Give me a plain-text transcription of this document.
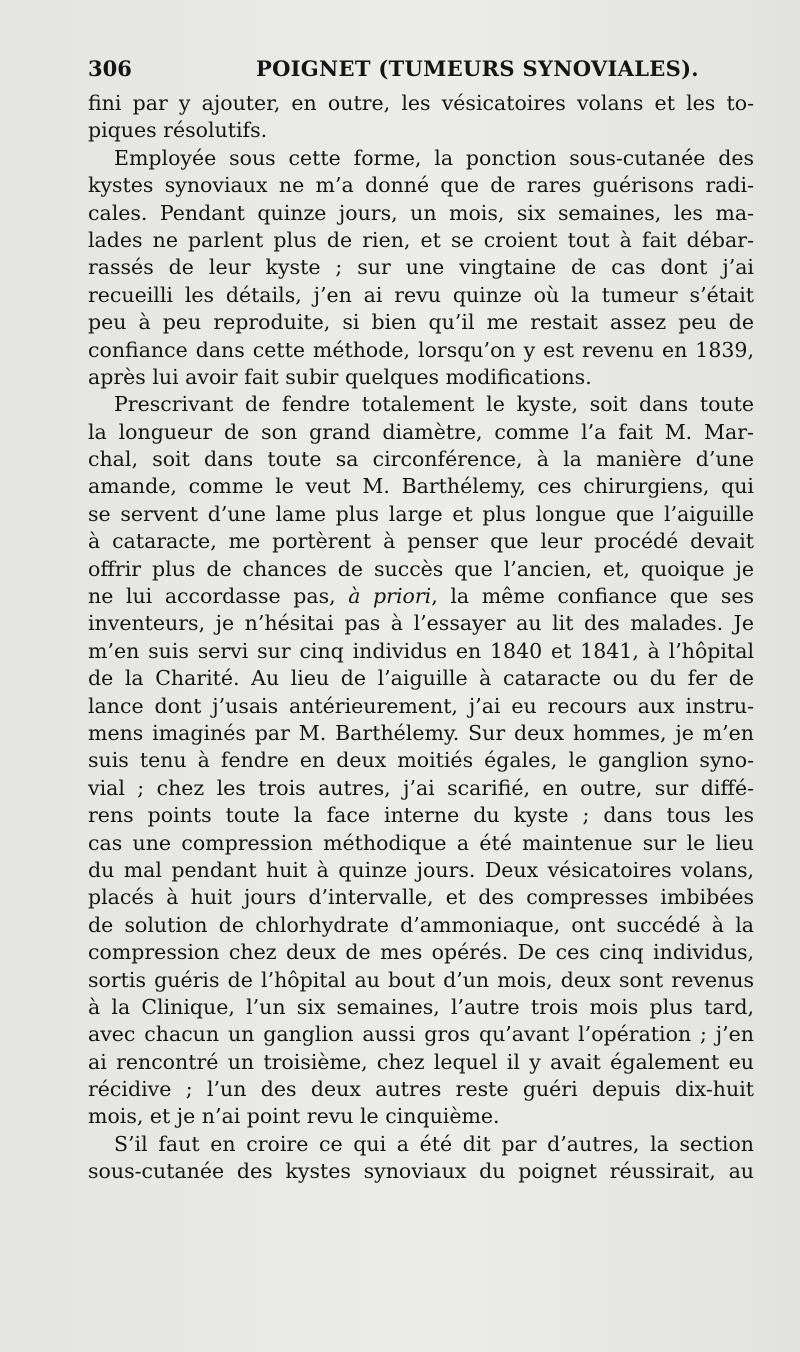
306	POIGNET (TUMEURS SYNOVIALES).
fini par y ajouter, en outre, les vésicatoires volans et les to-
piques résolutifs.
Employée sous cette forme, la ponction sous-cutanée des
kystes synoviaux ne m’a donné que de rares guérisons radi-
cales. Pendant quinze jours, un mois, six semaines, les ma-
lades ne parlent plus de rien, et se croient tout à fait débar-
rassés de leur kyste ; sur une vingtaine de cas dont j’ai
recueilli les détails, j’en ai revu quinze où la tumeur s’était
peu à peu reproduite, si bien qu’il me restait assez peu de
confiance dans cette méthode, lorsqu’on y est revenu en 1839,
après lui avoir fait subir quelques modifications.
Prescrivant de fendre totalement le kyste, soit dans toute
la longueur de son grand diamètre, comme l’a fait M. Mar-
chal, soit dans toute sa circonférence, à la manière d’une
amande, comme le veut M. Barthélemy, ces chirurgiens, qui
se servent d’une lame plus large et plus longue que l’aiguille
à cataracte, me portèrent à penser que leur procédé devait
offrir plus de chances de succès que l’ancien, et, quoique je
ne lui accordasse pas, à priori, la même confiance que ses
inventeurs, je n’hésitai pas à l’essayer au lit des malades. Je
m’en suis servi sur cinq individus en 1840 et 1841, à l’hôpital
de la Charité. Au lieu de l’aiguille à cataracte ou du fer de
lance dont j’usais antérieurement, j’ai eu recours aux instru-
mens imaginés par M. Barthélemy. Sur deux hommes, je m’en
suis tenu à fendre en deux moitiés égales, le ganglion syno-
vial ; chez les trois autres, j’ai scarifié, en outre, sur diffé-
rens points toute la face interne du kyste ; dans tous les
cas une compression méthodique a été maintenue sur le lieu
du mal pendant huit à quinze jours. Deux vésicatoires volans,
placés à huit jours d’intervalle, et des compresses imbibées
de solution de chlorhydrate d’ammoniaque, ont succédé à la
compression chez deux de mes opérés. De ces cinq individus,
sortis guéris de l’hôpital au bout d’un mois, deux sont revenus
à la Clinique, l’un six semaines, l’autre trois mois plus tard,
avec chacun un ganglion aussi gros qu’avant l’opération ; j’en
ai rencontré un troisième, chez lequel il y avait également eu
récidive ; l’un des deux autres reste guéri depuis dix-huit
mois, et je n’ai point revu le cinquième.
S’il faut en croire ce qui a été dit par d’autres, la section
sous-cutanée des kystes synoviaux du poignet réussirait, au
